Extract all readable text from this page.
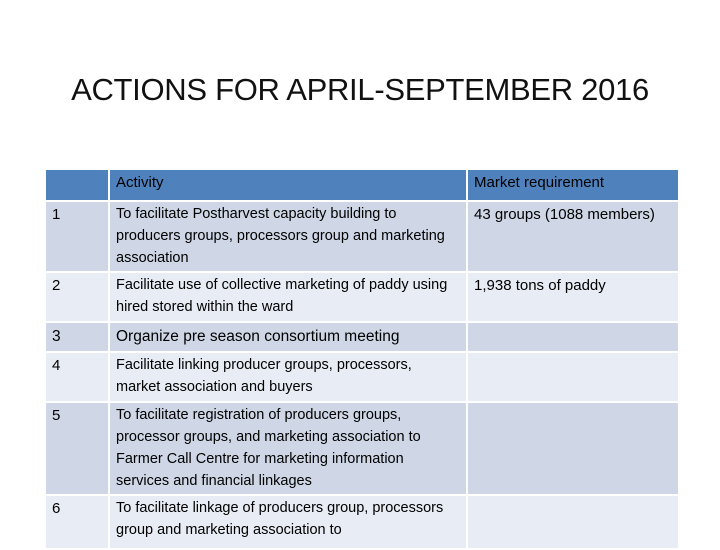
ACTIONS FOR APRIL-SEPTEMBER 2016
	Activity	Market requirement
1	To facilitate Postharvest capacity building to producers groups, processors group and marketing association	43 groups (1088 members)
2	Facilitate use of collective marketing of paddy using hired stored within the ward	1,938 tons of paddy
3	Organize pre season consortium meeting	
4	Facilitate linking producer groups, processors, market association and buyers	
5	To facilitate registration of producers groups, processor groups, and marketing association to Farmer Call Centre for marketing information services and financial linkages	
6	To facilitate linkage of producers group, processors group and marketing association to	
